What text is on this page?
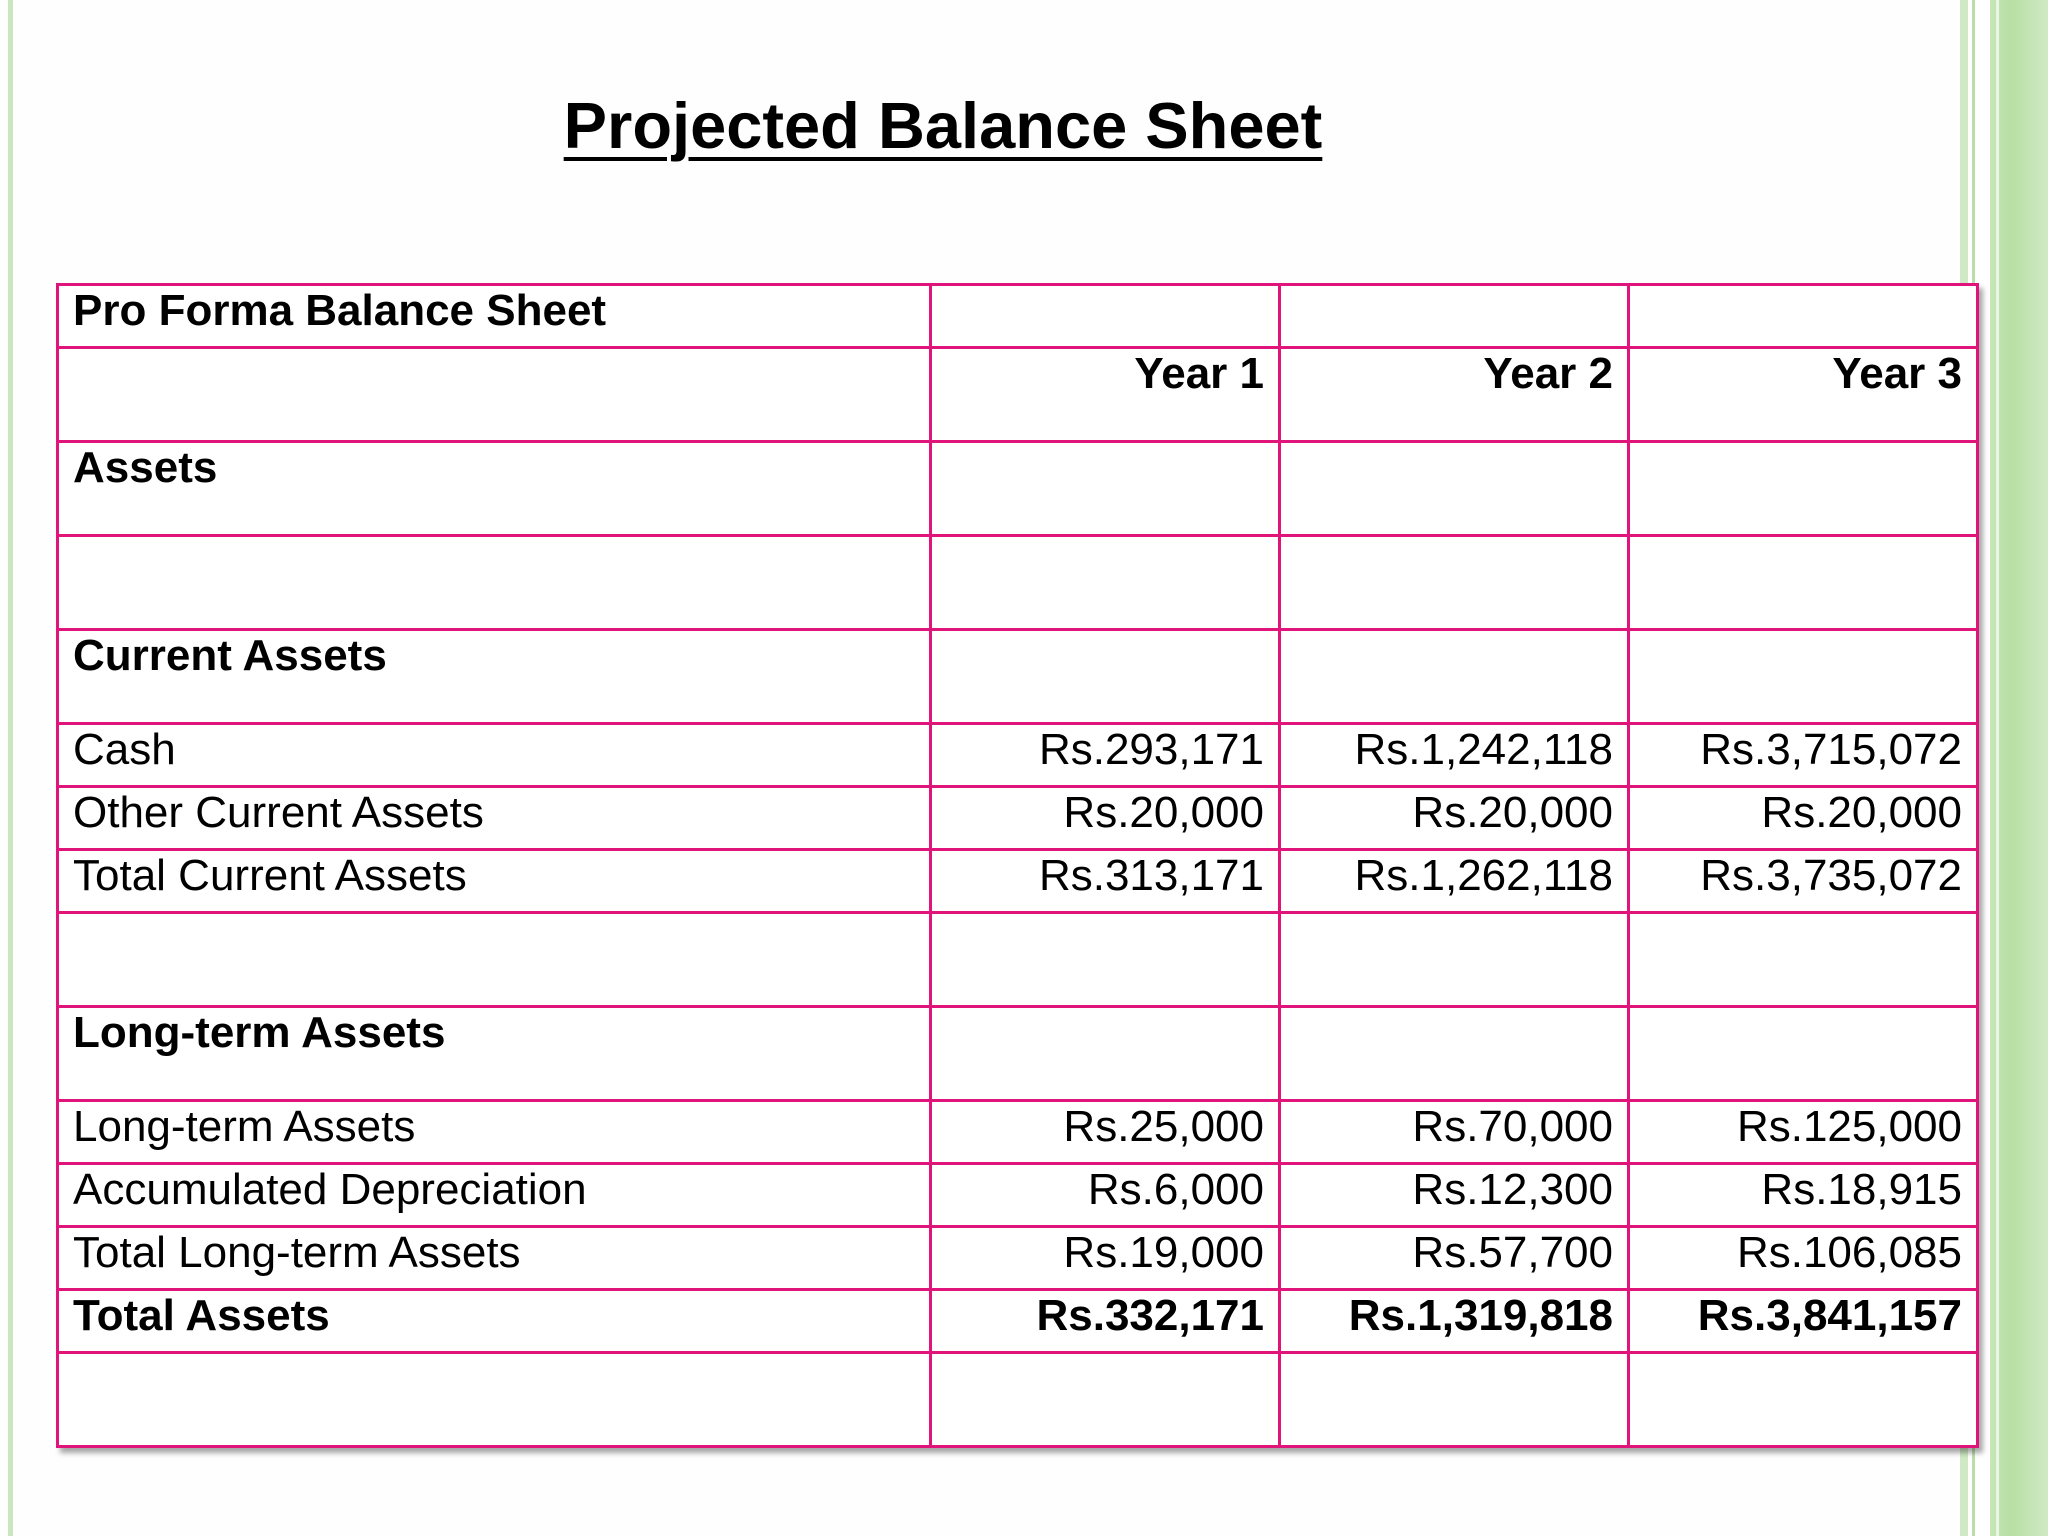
Projected Balance Sheet
Pro Forma Balance Sheet			
	Year 1	Year 2	Year 3
Assets			

Current Assets			
Cash	Rs.293,171	Rs.1,242,118	Rs.3,715,072
Other Current Assets	Rs.20,000	Rs.20,000	Rs.20,000
Total Current Assets	Rs.313,171	Rs.1,262,118	Rs.3,735,072

Long-term Assets			
Long-term Assets	Rs.25,000	Rs.70,000	Rs.125,000
Accumulated Depreciation	Rs.6,000	Rs.12,300	Rs.18,915
Total Long-term Assets	Rs.19,000	Rs.57,700	Rs.106,085
Total Assets	Rs.332,171	Rs.1,319,818	Rs.3,841,157
